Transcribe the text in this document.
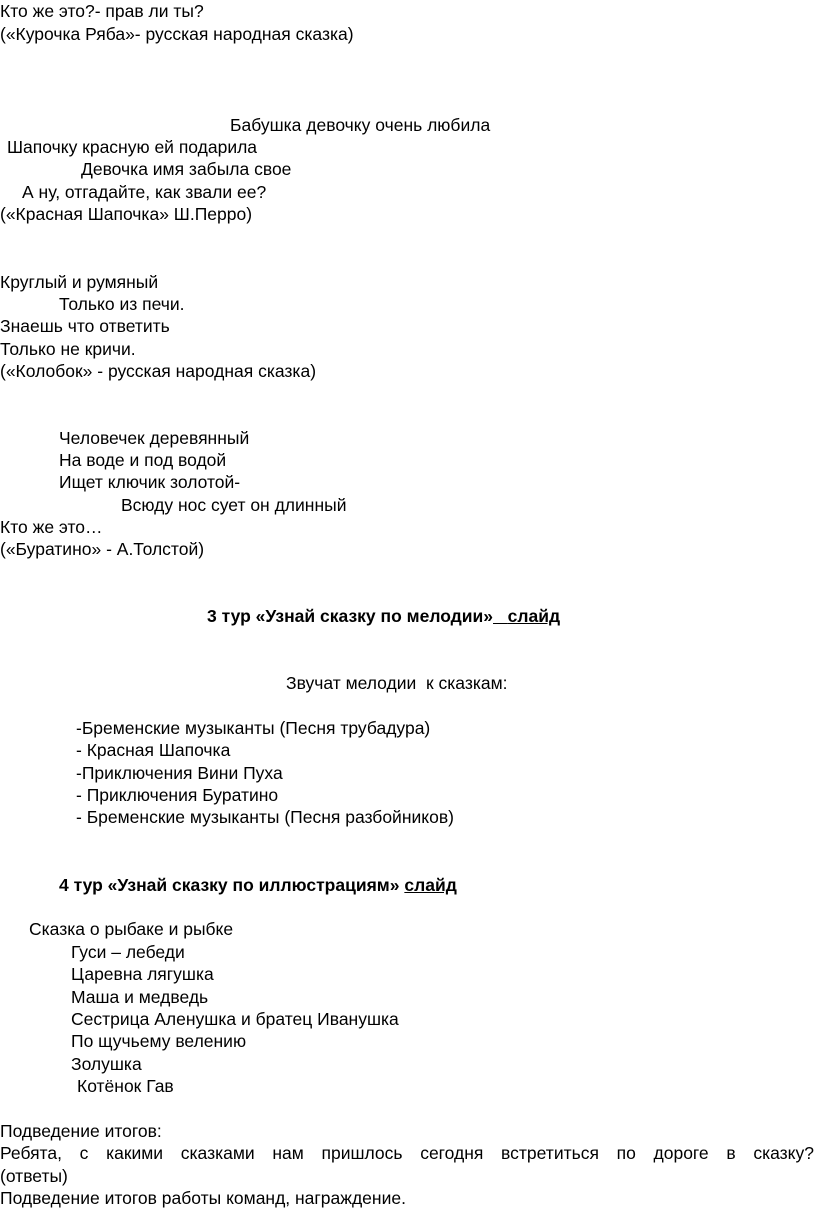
Кто же это?- прав ли ты?

(«Курочка Ряба»- русская народная сказка)

Бабушка девочку очень любила

Шапочку красную ей подарила

Девочка имя забыла свое

А ну, отгадайте, как звали ее?

(«Красная Шапочка» Ш.Перро)

Круглый и румяный

Только из печи.

Знаешь что ответить

Только не кричи.

(«Колобок» - русская народная сказка)

Человечек деревянный

На воде и под водой

Ищет ключик золотой-

Всюду нос сует он длинный

Кто же это…

(«Буратино» - А.Толстой)

3 тур «Узнай сказку по мелодии» слайд

Звучат мелодии  к сказкам:

-Бременские музыканты (Песня трубадура)

- Красная Шапочка

-Приключения Вини Пуха

- Приключения Буратино

- Бременские музыканты (Песня разбойников)

4 тур «Узнай сказку по иллюстрациям» слайд

Сказка о рыбаке и рыбке

Гуси – лебеди

Царевна лягушка

Маша и медведь

Сестрица Аленушка и братец Иванушка

По щучьему велению

Золушка

Котёнок Гав

Подведение итогов:

Ребята, с какими сказками нам пришлось сегодня встретиться по дороге в сказку?

(ответы)

Подведение итогов работы команд, награждение.
